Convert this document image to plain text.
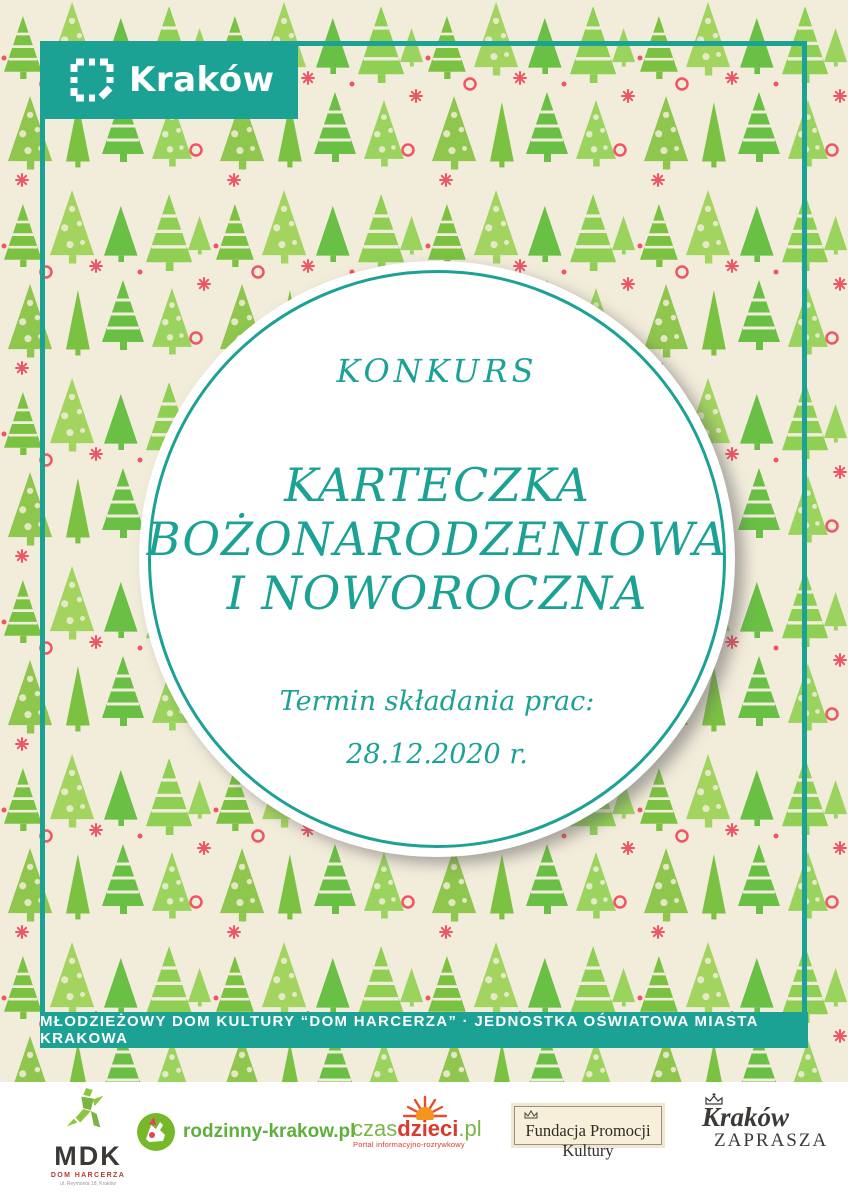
Kraków
KONKURS
KARTECZKA
BOŻONARODZENIOWA
I NOWOROCZNA
Termin składania prac:
28.12.2020 r.
MŁODZIEŻOWY DOM KULTURY “DOM HARCERZA” · JEDNOSTKA OŚWIATOWA MIASTA KRAKOWA
MDK
DOM HARCERZA
ul. Reymonta 18, Kraków
rodzinny-krakow.pl
czasdzieci.pl
Portal informacyjno-rozrywkowy
Fundacja Promocji Kultury
Kraków
ZAPRASZA
